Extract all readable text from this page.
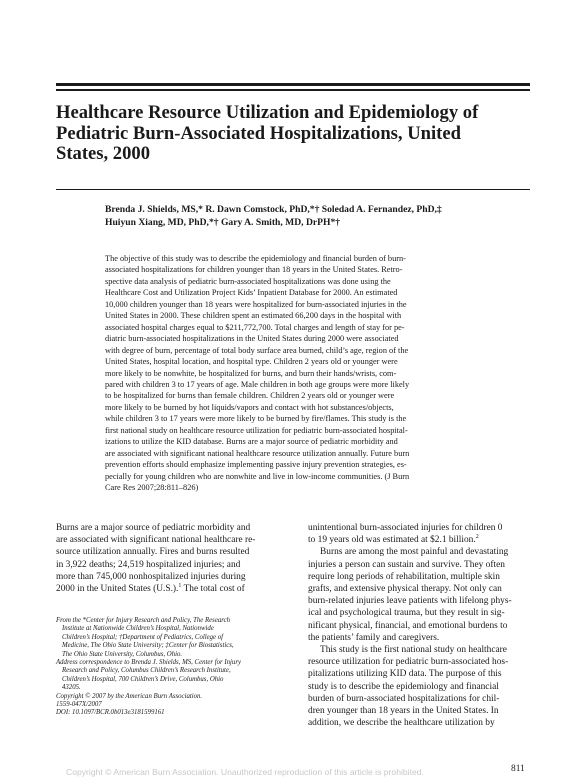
Healthcare Resource Utilization and Epidemiology of
Pediatric Burn-Associated Hospitalizations, United
States, 2000
Brenda J. Shields, MS,* R. Dawn Comstock, PhD,*† Soledad A. Fernandez, PhD,‡
Huiyun Xiang, MD, PhD,*† Gary A. Smith, MD, DrPH*†
The objective of this study was to describe the epidemiology and financial burden of burn-
associated hospitalizations for children younger than 18 years in the United States. Retro-
spective data analysis of pediatric burn-associated hospitalizations was done using the
Healthcare Cost and Utilization Project Kids’ Inpatient Database for 2000. An estimated
10,000 children younger than 18 years were hospitalized for burn-associated injuries in the
United States in 2000. These children spent an estimated 66,200 days in the hospital with
associated hospital charges equal to $211,772,700. Total charges and length of stay for pe-
diatric burn-associated hospitalizations in the United States during 2000 were associated
with degree of burn, percentage of total body surface area burned, child’s age, region of the
United States, hospital location, and hospital type. Children 2 years old or younger were
more likely to be nonwhite, be hospitalized for burns, and burn their hands/wrists, com-
pared with children 3 to 17 years of age. Male children in both age groups were more likely
to be hospitalized for burns than female children. Children 2 years old or younger were
more likely to be burned by hot liquids/vapors and contact with hot substances/objects,
while children 3 to 17 years were more likely to be burned by fire/flames. This study is the
first national study on healthcare resource utilization for pediatric burn-associated hospital-
izations to utilize the KID database. Burns are a major source of pediatric morbidity and
are associated with significant national healthcare resource utilization annually. Future burn
prevention efforts should emphasize implementing passive injury prevention strategies, es-
pecially for young children who are nonwhite and live in low-income communities. (J Burn
Care Res 2007;28:811–826)
Burns are a major source of pediatric morbidity and
are associated with significant national healthcare re-
source utilization annually. Fires and burns resulted
in 3,922 deaths; 24,519 hospitalized injuries; and
more than 745,000 nonhospitalized injuries during
2000 in the United States (U.S.).$^1$ The total cost of
From the *Center for Injury Research and Policy, The Research
Institute at Nationwide Children’s Hospital, Nationwide
Children’s Hospital; †Department of Pediatrics, College of
Medicine, The Ohio State University; ‡Center for Biostatistics,
The Ohio State University, Columbus, Ohio.
Address correspondence to Brenda J. Shields, MS, Center for Injury
Research and Policy, Columbus Children’s Research Institute,
Children’s Hospital, 700 Children’s Drive, Columbus, Ohio
43205.
Copyright © 2007 by the American Burn Association.
1559-047X/2007
DOI: 10.1097/BCR.0b013e3181599161
unintentional burn-associated injuries for children 0
to 19 years old was estimated at $2.1 billion.$^2$
Burns are among the most painful and devastating
injuries a person can sustain and survive. They often
require long periods of rehabilitation, multiple skin
grafts, and extensive physical therapy. Not only can
burn-related injuries leave patients with lifelong phys-
ical and psychological trauma, but they result in sig-
nificant physical, financial, and emotional burdens to
the patients’ family and caregivers.
This study is the first national study on healthcare
resource utilization for pediatric burn-associated hos-
pitalizations utilizing KID data. The purpose of this
study is to describe the epidemiology and financial
burden of burn-associated hospitalizations for chil-
dren younger than 18 years in the United States. In
addition, we describe the healthcare utilization by
811
Copyright © American Burn Association. Unauthorized reproduction of this article is prohibited.
